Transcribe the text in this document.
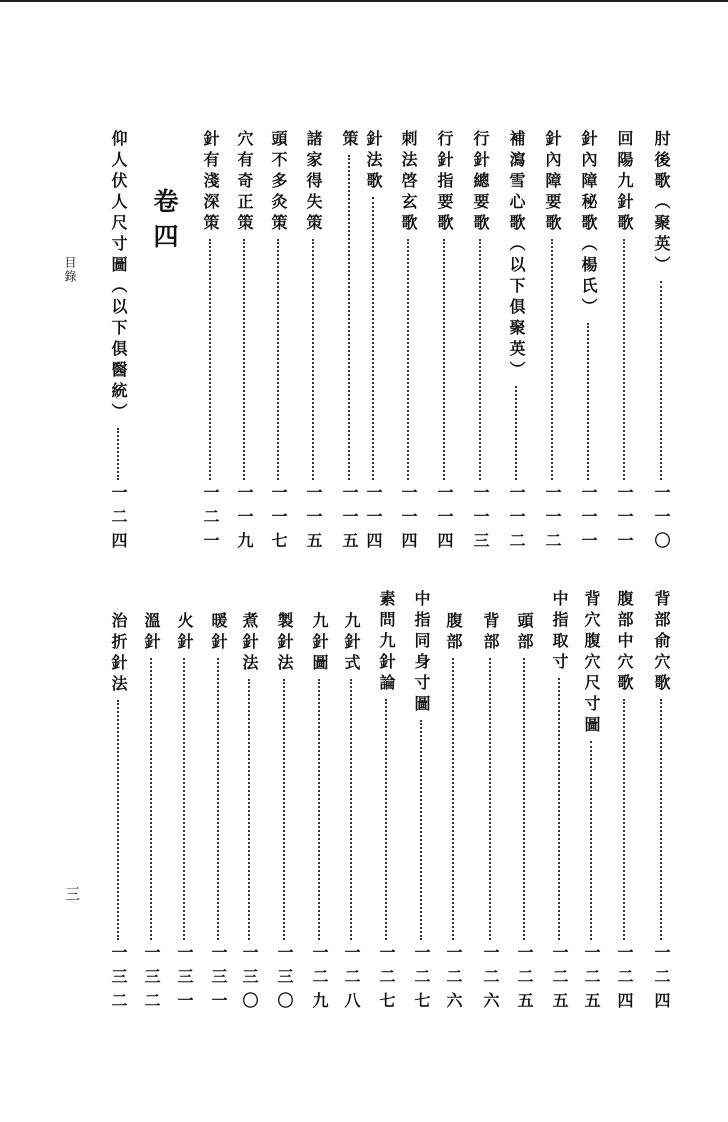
目錄
三
卷四	肘後歌（聚英）
一一〇
回陽九針歌
一一一
針內障秘歌（楊氏）
一一一
針內障要歌
一一二
補瀉雪心歌（以下俱聚英）
一一二
行針總要歌
一一三
行針指要歌
一一四
刺法啓玄歌
一一四
針法歌
一一四
策
一一五
諸家得失策
一一五
頭不多灸策
一一七
穴有奇正策
一一九
針有淺深策
一二一
仰人伏人尺寸圖（以下俱醫統）
一二四
背部俞穴歌
一二四
腹部中穴歌
一二四
背穴腹穴尺寸圖
一二五
中指取寸
一二五
頭部
一二五
背部
一二六
腹部
一二六
中指同身寸圖
一二七
素問九針論
一二七
九針式
一二八
九針圖
一二九
製針法
一三〇
煮針法
一三〇
暖針
一三一
火針
一三一
溫針
一三二
治折針法
一三二
